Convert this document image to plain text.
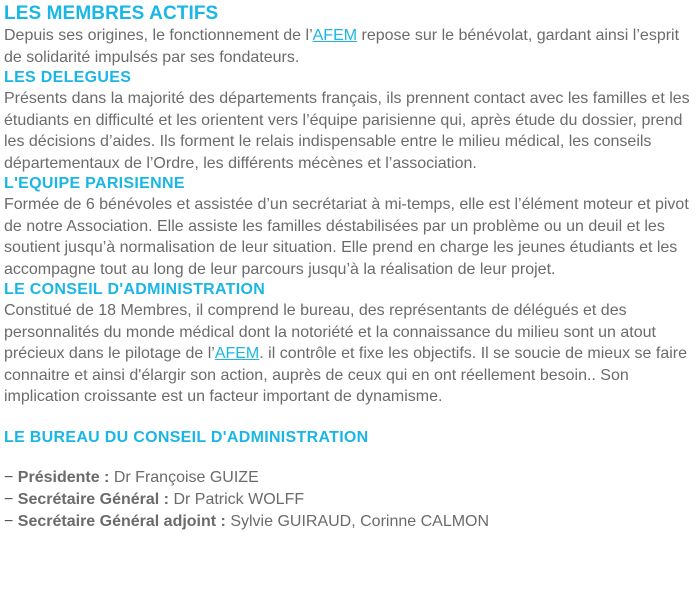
LES MEMBRES ACTIFS

Depuis ses origines, le fonctionnement de l’AFEM repose sur le bénévolat, gardant ainsi l’esprit de solidarité impulsés par ses fondateurs.

LES DELEGUES

Présents dans la majorité des départements français, ils prennent contact avec les familles et les étudiants en difficulté et les orientent vers l’équipe parisienne qui, après étude du dossier, prend les décisions d’aides. Ils forment le relais indispensable entre le milieu médical, les conseils départementaux de l’Ordre, les différents mécènes et l’association.

L'EQUIPE PARISIENNE

Formée de 6 bénévoles et assistée d’un secrétariat à mi-temps, elle est l’élément moteur et pivot de notre Association. Elle assiste les familles déstabilisées par un problème ou un deuil et les soutient jusqu’à normalisation de leur situation. Elle prend en charge les jeunes étudiants et les accompagne tout au long de leur parcours jusqu’à la réalisation de leur projet.

LE CONSEIL D'ADMINISTRATION

Constitué de 18 Membres, il comprend le bureau, des représentants de délégués et des personnalités du monde médical dont la notoriété et la connaissance du milieu sont un atout précieux dans le pilotage de l’AFEM. il contrôle et fixe les objectifs. Il se soucie de mieux se faire connaitre et ainsi d'élargir son action, auprès de ceux qui en ont réellement besoin.. Son implication croissante est un facteur important de dynamisme.

LE BUREAU DU CONSEIL D'ADMINISTRATION
− Présidente : Dr Françoise GUIZE
− Secrétaire Général : Dr Patrick WOLFF
− Secrétaire Général adjoint : Sylvie GUIRAUD, Corinne CALMON
